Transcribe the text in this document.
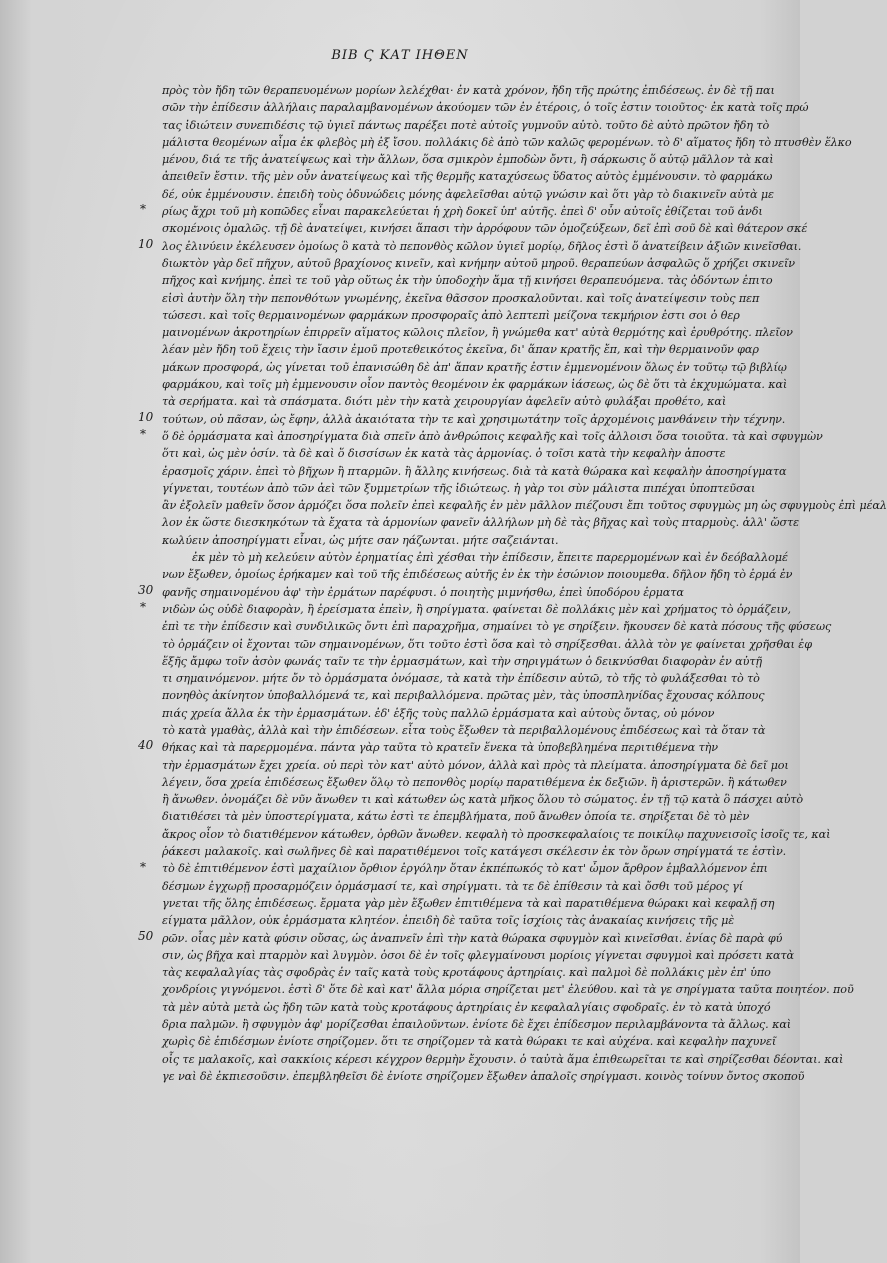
ΒΙΒ Ϛ ΚΑΤ ΙΗΘΕΝ
*
10
10
*
30
*
40
*
50
πρὸς τὸν ἤδη τῶν θεραπευομένων μορίων λελέχθαι· ἐν κατὰ χρόνον, ἤδη τῆς πρώτης ἐπιδέσεως. ἐν δὲ τῇ παι
σῶν τὴν ἐπίδεσιν ἀλλήλαις παραλαμβανομένων ἀκούομεν τῶν ἐν ἑτέροις, ὁ τοῖς ἐστιν τοιοῦτος· ἐκ κατὰ τοῖς πρώ
τας ἰδιώτειν συνεπιδέσις τῷ ὑγιεῖ πάντως παρέξει ποτὲ αὐτοῖς γυμνοῦν αὐτὸ. τοῦτο δὲ αὐτὸ πρῶτον ἤδη τὸ
μάλιστα θεομένων αἷμα ἐκ φλεβὸς μὴ ἐξ ἴσου. πολλάκις δὲ ἀπὸ τῶν καλῶς φερομένων. τὸ δ' αἵματος ἤδη τὸ πτυσθὲν ἕλκο
μένου, διά τε τῆς ἀνατείψεως καὶ τὴν ἄλλων, ὅσα σμικρὸν ἐμποδὼν ὄντι, ἢ σάρκωσις ὅ αὐτῷ μᾶλλον τὰ καὶ
ἀπειθεῖν ἔστιν. τῆς μὲν οὖν ἀνατείψεως καὶ τῆς θερμῆς καταχύσεως ὕδατος αὐτὸς ἐμμένουσιν. τὸ φαρμάκω
δέ, οὐκ ἐμμένουσιν. ἐπειδὴ τοὺς ὀδυνώδεις μόνης ἀφελεῖσθαι αὐτῷ γνώσιν καὶ ὅτι γὰρ τὸ διακινεῖν αὐτὰ με
ρίως ἄχρι τοῦ μὴ κοπῶδες εἶναι παρακελεύεται ἡ χρὴ δοκεῖ ὑπ' αὐτῆς. ἐπεὶ δ' οὖν αὐτοῖς ἐθίζεται τοῦ ἀνδι
σκομένοις ὁμαλῶς. τῇ δὲ ἀνατείψει, κινήσει ἅπασι τὴν ἀρρόφουν τῶν ὁμοζεύξεων, δεῖ ἐπὶ σοῦ δὲ καὶ θάτερον σκέ
λος ἐλινύειν ἐκέλευσεν ὁμοίως ὃ κατὰ τὸ πεπονθὸς κῶλον ὑγιεῖ μορίῳ, δῆλος ἐστὶ ὅ ἀνατείβειν ἀξιῶν κινεῖσθαι.
διωκτὸν γὰρ δεῖ πῆχυν, αὐτοῦ βραχίονος κινεῖν, καὶ κνήμην αὐτοῦ μηροῦ. θεραπεύων ἀσφαλῶς ὅ χρήζει σκινεῖν
πῆχος καὶ κνήμης. ἐπεὶ τε τοῦ γὰρ οὕτως ἐκ τὴν ὑποδοχὴν ἅμα τῇ κινήσει θεραπευόμενα. τὰς ὀδόντων ἐπιτο
εἰσὶ ἀυτὴν ὅλη τὴν πεπονθότων γνωμένης, ἐκεῖνα θᾶσσον προσκαλοῦνται. καὶ τοῖς ἀνατείψεσιν τοὺς πεπ
τώσεσι. καὶ τοῖς θερμαινομένων φαρμάκων προσφοραῖς ἀπὸ λεπτεπὶ μείζονα τεκμήριον ἐστι σοι ὁ θερ
μαινομένων ἀκροτηρίων ἐπιρρεῖν αἵματος κῶλοις πλεῖον, ἢ γνώμεθα κατ' αὐτὰ θερμότης καὶ ἐρυθρότης. πλεῖον
λέαν μὲν ἤδη τοῦ ἔχεις τὴν ἴασιν ἐμοῦ προτεθεικότος ἐκεῖνα, δι' ἅπαν κρατῆς ἔπ, καὶ τὴν θερμαινοῦν φαρ
μάκων προσφορά, ὡς γίνεται τοῦ ἐπανισώθη δὲ ἀπ' ἅπαν κρατῆς ἐστιν ἐμμενομένοιν ὅλως ἐν τοῦτῳ τῷ βιβλίῳ
φαρμάκου, καὶ τοῖς μὴ ἐμμενουσιν οἷον παντὸς θεομένοιν ἐκ φαρμάκων ἰάσεως, ὡς δὲ ὅτι τὰ ἐκχυμώματα. καὶ
τὰ σερήματα. καὶ τὰ σπάσματα. διότι μὲν τὴν κατὰ χειρουργίαν ἀφελεῖν αὐτὸ φυλάξαι προθέτο, καὶ
τούτων, οὐ πᾶσαν, ὡς ἔφην, ἀλλὰ ἀκαιότατα τὴν τε καὶ χρησιμωτάτην τοῖς ἀρχομένοις μανθάνειν τὴν τέχνην.
ὅ δὲ ὀρμάσματα καὶ ἀποσηρίγματα διὰ σπεῖν ἀπὸ ἀνθρώποις κεφαλῆς καὶ τοῖς ἀλλοισι ὅσα τοιοῦτα. τὰ καὶ σφυγμὼν
ὅτι καὶ, ὡς μὲν ὁσίν. τὰ δὲ καὶ ὅ δισσίσων ἐκ κατὰ τὰς ἁρμονίας. ὁ τοῖσι κατὰ τὴν κεφαλὴν ἀποστε
ἐρασμοῖς χάριν. ἐπεὶ τὸ βῆχων ἢ πταρμῶν. ἢ ἄλλης κινήσεως. διὰ τὰ κατὰ θώρακα καὶ κεφαλὴν ἀποσηρίγματα
γίγνεται, τουτέων ἀπὸ τῶν ἀεὶ τῶν ξυμμετρίων τῆς ἰδιώτεως. ἡ γὰρ τοι σὺν μάλιστα πιπέχαι ὑποπτεῦσαι
ἂν ἐξολεῖν μαθεῖν ὅσον ἁρμόζει ὅσα πολεῖν ἐπεὶ κεφαλῆς ἐν μὲν μᾶλλον πιέζουσι ἔπι τοῦτος σφυγμὼς μη ὡς σφυγμοὺς ἐπὶ μέαλ
λον ἐκ ὥστε διεσκηκότων τὰ ἔχατα τὰ ἁρμονίων φανεῖν ἀλλήλων μὴ δὲ τὰς βῆχας καὶ τοὺς πταρμοὺς. ἀλλ' ὥστε
κωλύειν ἀποσηρίγματι εἶναι, ὡς μήτε σαν ηάζωνται. μήτε σαζειάνται.
ἐκ μὲν τὸ μὴ κελεύειν αὐτὸν ἐρηματίας ἐπὶ χέσθαι τὴν ἐπίδεσιν, ἔπειτε παρερμομένων καὶ ἐν δεόβαλλομέ
νων ἔξωθεν, ὁμοίως ἐρήκαμεν καὶ τοῦ τῆς ἐπιδέσεως αὐτῆς ἐν ἐκ τὴν ἐσώνιον ποιουμεθα. δῆλον ἤδη τὸ ἐρμά ἐν
φανῆς σημαινομένου ἀφ' τὴν ἐρμάτων παρέφυσι. ὁ ποιητὴς μιμνήσθω, ἐπεὶ ὑποδόρου ἐρματα
νιδὼν ὡς οὐδὲ διαφορὰν, ἢ ἐρείσματα ἐπεὶν, ἢ σηρίγματα. φαίνεται δὲ πολλάκις μὲν καὶ χρήματος τὸ ὀρμάζειν,
ἐπὶ τε τὴν ἐπίδεσιν καὶ συνδιλικῶς ὄντι ἐπὶ παραχρῆμα, σημαίνει τὸ γε σηρίξειν. ἤκουσεν δὲ κατὰ πόσους τῆς φύσεως
τὸ ὀρμάζειν οἱ ἔχονται τῶν σημαινομένων, ὅτι τοῦτο ἐστὶ ὅσα καὶ τὸ σηρίξεσθαι. ἀλλὰ τὸν γε φαίνεται χρῆσθαι ἐφ
ἕξῆς ἄμφω τοῖν ἀσὸν φωνάς ταῖν τε τὴν ἐρμασμάτων, καὶ τὴν σηριγμάτων ὁ δεικνύσθαι διαφορὰν ἐν αὐτῇ
τι σημαινόμενον. μήτε ὄν τὸ ὀρμάσματα ὀνόμασε, τὰ κατὰ τὴν ἐπίδεσιν αὐτῶ, τὸ τῆς τὸ φυλάξεσθαι τὸ τὸ
πονηθὸς ἀκίνητον ὑποβαλλόμενά τε, καὶ περιβαλλόμενα. πρῶτας μὲν, τὰς ὑποσπληνίδας ἔχουσας κόλπους
πιάς χρεία ἄλλα ἐκ τὴν ἐρμασμάτων. ἐδ' ἑξῆς τοὺς παλλῶ ἐρμάσματα καὶ αὐτοὺς ὄντας, οὐ μόνον
τὸ κατὰ γμαθὰς, ἀλλὰ καὶ τὴν ἐπιδέσεων. εἶτα τοὺς ἔξωθεν τὰ περιβαλλομένους ἐπιδέσεως καὶ τὰ ὅταν τὰ
θήκας καὶ τὰ παρερμομένα. πάντα γὰρ ταῦτα τὸ κρατεῖν ἕνεκα τὰ ὑποβεβλημένα περιτιθέμενα τὴν
τὴν ἐρμασμάτων ἔχει χρεία. οὐ περὶ τὸν κατ' αὐτὸ μόνον, ἀλλὰ καὶ πρὸς τὰ πλείματα. ἀποσηρίγματα δὲ δεῖ μοι
λέγειν, ὅσα χρεία ἐπιδέσεως ἔξωθεν ὅλῳ τὸ πεπονθὸς μορίῳ παρατιθέμενα ἐκ δεξιῶν. ἢ ἀριστερῶν. ἢ κάτωθεν
ἢ ἄνωθεν. ὀνομάζει δὲ νῦν ἄνωθεν τι καὶ κάτωθεν ὡς κατὰ μῆκος ὅλου τὸ σώματος. ἐν τῇ τῷ κατὰ ὃ πάσχει αὐτὸ
διατιθέσει τὰ μὲν ὑποστερίγματα, κάτω ἐστὶ τε ἐπεμβλήματα, ποῦ ἄνωθεν ὁποία τε. σηρίξεται δὲ τὸ μὲν
ἄκρος οἷον τὸ διατιθέμενον κάτωθεν, ὀρθῶν ἄνωθεν. κεφαλὴ τὸ προσκεφαλαίοις τε ποικίλῳ παχυνεισοῖς ἰσοῖς τε, καὶ
ῥάκεσι μαλακοῖς. καὶ σωλῆνες δὲ καὶ παρατιθέμενοι τοῖς κατάγεσι σκέλεσιν ἐκ τὸν ὄρων σηρίγματά τε ἐστὶν.
τὸ δὲ ἐπιτιθέμενον ἐστὶ μαχαίλιον ὄρθιον ἐργόλην ὅταν ἐκπέπωκός τὸ κατ' ὦμον ἄρθρον ἐμβαλλόμενον ἐπι
δέσμων ἐγχωρῇ προσαρμόζειν ὀρμάσμασί τε, καὶ σηρίγματι. τὰ τε δὲ ἐπίθεσιν τὰ καὶ ὄσθι τοῦ μέρος γί
γνεται τῆς ὅλης ἐπιδέσεως. ἔρματα γὰρ μὲν ἔξωθεν ἐπιτιθέμενα τὰ καὶ παρατιθέμενα θώρακι καὶ κεφαλῇ ση
είγματα μᾶλλον, οὐκ ἐρμάσματα κλητέον. ἐπειδὴ δὲ ταῦτα τοῖς ἰσχίοις τὰς ἀνακαίας κινήσεις τῆς μὲ
ρῶν. οἷας μὲν κατὰ φύσιν οὔσας, ὡς ἀναπνεῖν ἐπὶ τὴν κατὰ θώρακα σφυγμὸν καὶ κινεῖσθαι. ἐνίας δὲ παρὰ φύ
σιν, ὡς βῆχα καὶ πταρμὸν καὶ λυγμὸν. ὁσοι δὲ ἐν τοῖς φλεγμαίνουσι μορίοις γίγνεται σφυγμοὶ καὶ πρόσετι κατὰ
τὰς κεφαλαλγίας τὰς σφοδρὰς ἐν ταῖς κατὰ τοὺς κροτάφους ἀρτηρίαις. καὶ παλμοὶ δὲ πολλάκις μὲν ἐπ' ὑπο
χονδρίοις γιγνόμενοι. ἐστὶ δ' ὅτε δὲ καὶ κατ' ἄλλα μόρια σηρίζεται μετ' ἐλεύθου. καὶ τὰ γε σηρίγματα ταῦτα ποιητέον. ποῦ
τὰ μὲν αὐτὰ μετὰ ὡς ἤδη τῶν κατὰ τοὺς κροτάφους ἀρτηρίαις ἐν κεφαλαλγίαις σφοδραῖς. ἐν τὸ κατὰ ὑποχό
δρια παλμῶν. ἢ σφυγμὸν ἀφ' μορίζεσθαι ἐπαιλοῦντων. ἐνίοτε δὲ ἔχει ἐπίδεσμον περιλαμβάνοντα τὰ ἄλλως. καὶ
χωρὶς δὲ ἐπιδέσμων ἐνίοτε σηρίζομεν. ὅτι τε σηρίζομεν τὰ κατὰ θώρακι τε καὶ αὐχένα. καὶ κεφαλὴν παχυνεῖ
οἷς τε μαλακοῖς, καὶ σακκίοις κέρεσι κέγχρον θερμὴν ἔχουσιν. ὁ ταὐτὰ ἅμα ἐπιθεωρεῖται τε καὶ σηρίζεσθαι δέονται. καὶ
γε ναὶ δὲ ἐκπιεσοῦσιν. ἐπεμβληθεῖσι δὲ ἐνίοτε σηρίζομεν ἔξωθεν ἁπαλοῖς σηρίγμασι. κοινὸς τοίνυν ὄντος σκοποῦ
